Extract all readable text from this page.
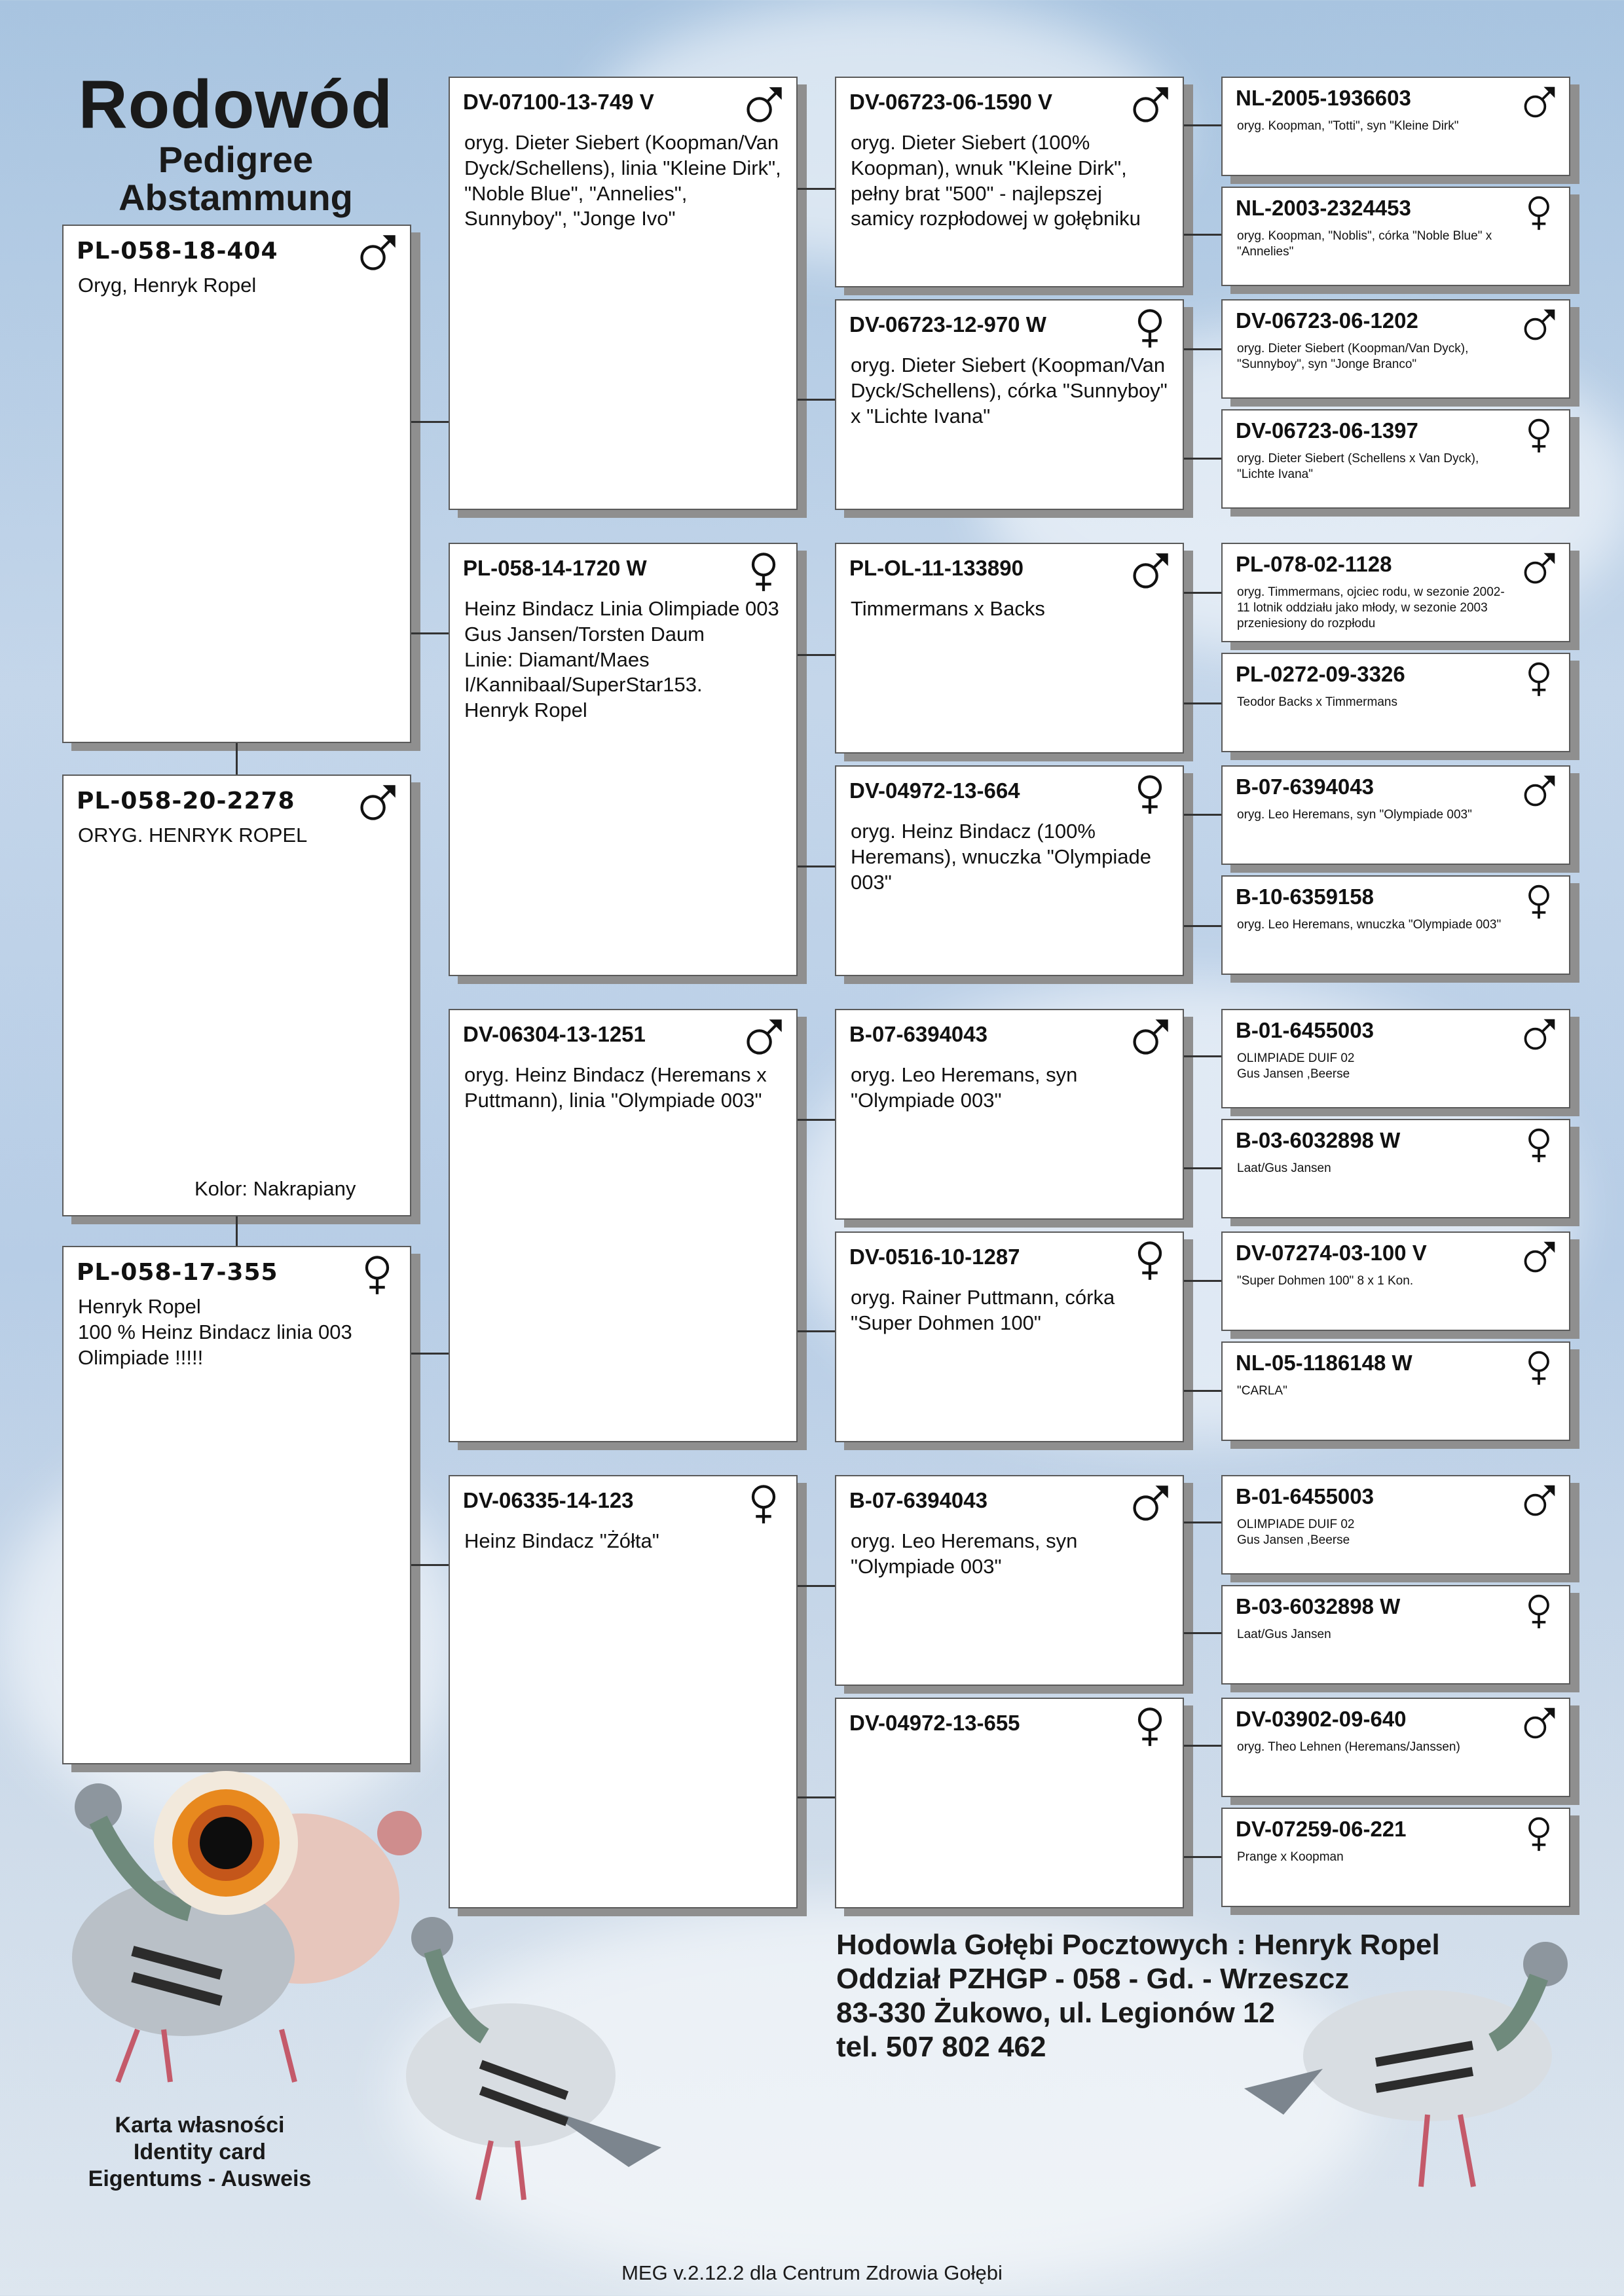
Rodowód
Pedigree
Abstammung
PL-058-18-404
Oryg, Henryk Ropel
PL-058-20-2278
ORYG. HENRYK ROPEL
Kolor: Nakrapiany
PL-058-17-355
Henryk Ropel
100 % Heinz Bindacz linia 003
Olimpiade !!!!!
DV-07100-13-749 V
oryg. Dieter Siebert (Koopman/Van Dyck/Schellens), linia "Kleine Dirk", "Noble Blue", "Annelies", Sunnyboy", "Jonge Ivo"
PL-058-14-1720 W
Heinz Bindacz Linia Olimpiade 003 Gus Jansen/Torsten Daum
Linie: Diamant/Maes I/Kannibaal/SuperStar153.
Henryk Ropel
DV-06304-13-1251
oryg. Heinz Bindacz (Heremans x Puttmann), linia "Olympiade 003"
DV-06335-14-123
Heinz Bindacz "Żółta"
DV-06723-06-1590 V
oryg. Dieter Siebert (100% Koopman), wnuk "Kleine Dirk", pełny brat "500" - najlepszej samicy rozpłodowej w gołębniku
DV-06723-12-970 W
oryg. Dieter Siebert (Koopman/Van Dyck/Schellens), córka "Sunnyboy" x "Lichte Ivana"
PL-OL-11-133890
Timmermans x Backs
DV-04972-13-664
oryg. Heinz Bindacz (100% Heremans), wnuczka "Olympiade 003"
B-07-6394043
oryg. Leo Heremans, syn "Olympiade 003"
DV-0516-10-1287
oryg. Rainer Puttmann, córka "Super Dohmen 100"
B-07-6394043
oryg. Leo Heremans, syn "Olympiade 003"
DV-04972-13-655
NL-2005-1936603
oryg. Koopman, "Totti", syn "Kleine Dirk"
NL-2003-2324453
oryg. Koopman, "Noblis", córka "Noble Blue" x "Annelies"
DV-06723-06-1202
oryg. Dieter Siebert (Koopman/Van Dyck), "Sunnyboy", syn "Jonge Branco"
DV-06723-06-1397
oryg. Dieter Siebert (Schellens x Van Dyck), "Lichte Ivana"
PL-078-02-1128
oryg. Timmermans, ojciec rodu, w sezonie 2002- 11 lotnik oddziału jako młody, w sezonie 2003 przeniesiony do rozpłodu
PL-0272-09-3326
Teodor Backs x Timmermans
B-07-6394043
oryg. Leo Heremans, syn "Olympiade 003"
B-10-6359158
oryg. Leo Heremans, wnuczka "Olympiade 003"
B-01-6455003
OLIMPIADE DUIF 02
Gus Jansen ,Beerse
B-03-6032898 W
Laat/Gus Jansen
DV-07274-03-100 V
"Super Dohmen 100" 8 x 1 Kon.
NL-05-1186148 W
"CARLA"
B-01-6455003
OLIMPIADE DUIF 02
Gus Jansen ,Beerse
B-03-6032898 W
Laat/Gus Jansen
DV-03902-09-640
oryg. Theo Lehnen (Heremans/Janssen)
DV-07259-06-221
Prange x Koopman
Hodowla Gołębi Pocztowych : Henryk Ropel
Oddział PZHGP - 058 - Gd. - Wrzeszcz
83-330 Żukowo, ul. Legionów 12
tel. 507 802 462
Karta własności
Identity card
Eigentums - Ausweis
MEG v.2.12.2 dla Centrum Zdrowia Gołębi
